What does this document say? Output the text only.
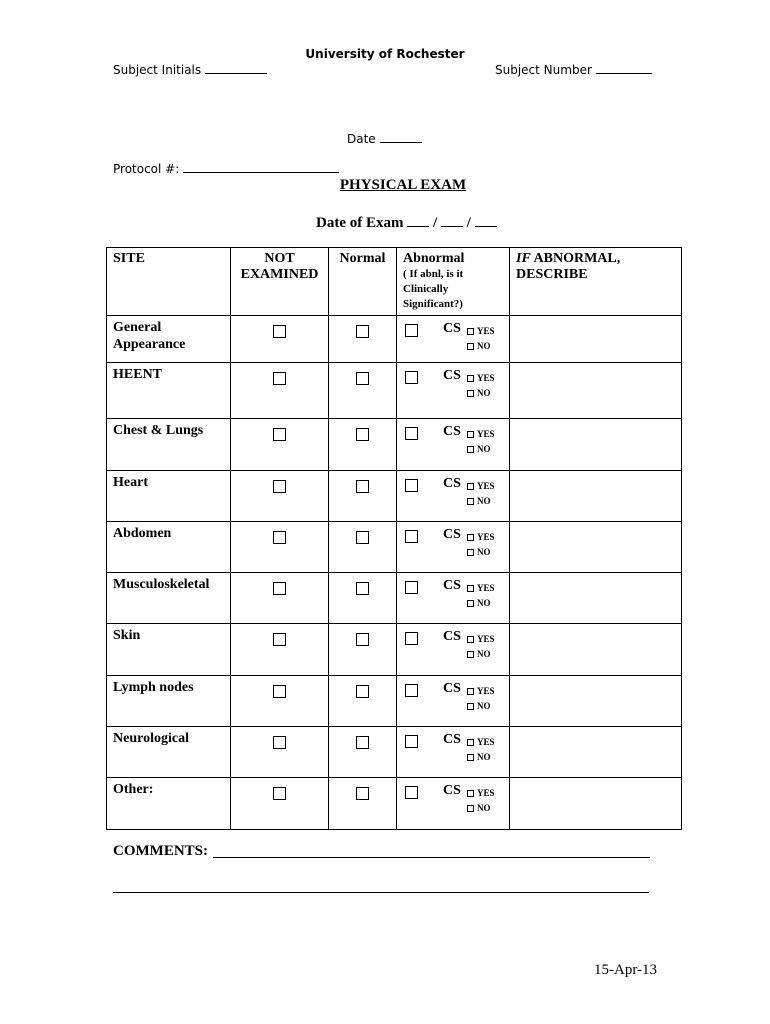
University of Rochester
Subject Initials	Subject Number
Date
Protocol #:
PHYSICAL EXAM
Date of Exam / /
SITE	NOT EXAMINED	Normal	Abnormal
( If abnl, is it Clinically Significant?)	IF ABNORMAL, DESCRIBE
General Appearance			CS YES
NO	

HEENT			CS YES
NO	

Chest & Lungs			CS YES
NO	

Heart			CS YES
NO	

Abdomen			CS YES
NO	

Musculoskeletal			CS YES
NO	

Skin			CS YES
NO	

Lymph nodes			CS YES
NO	

Neurological			CS YES
NO	

Other:			CS YES
NO	

COMMENTS:
15-Apr-13
